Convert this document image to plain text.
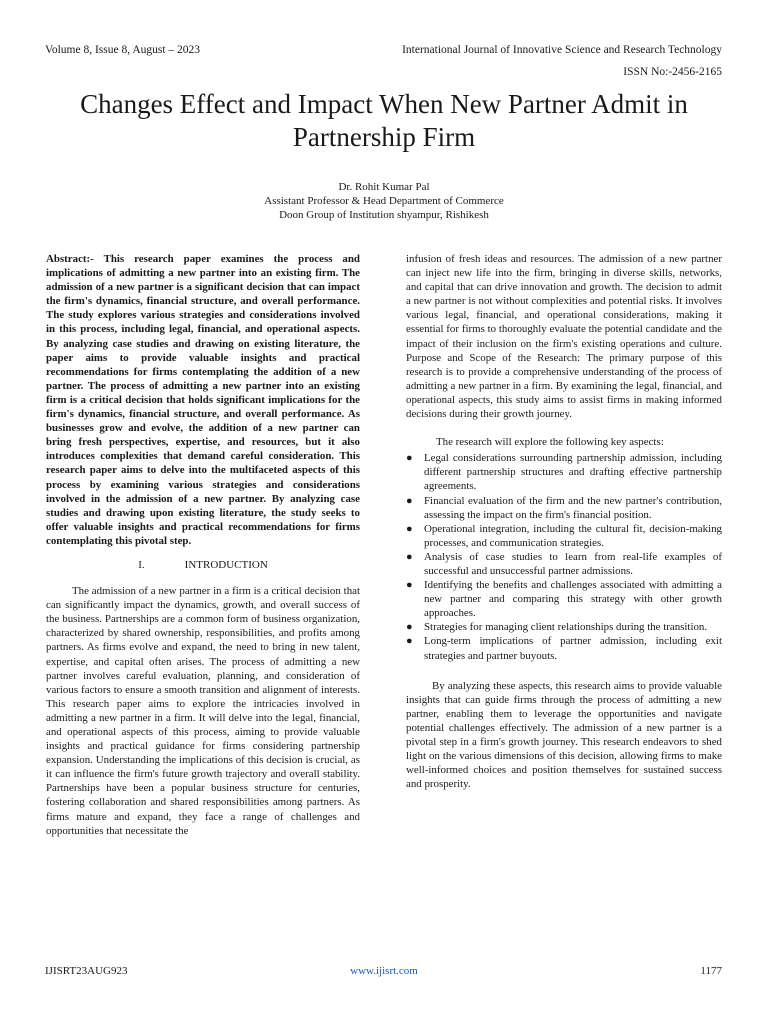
Volume 8, Issue 8, August – 2023	International Journal of Innovative Science and Research Technology
ISSN No:-2456-2165
Changes Effect and Impact When New Partner Admit in Partnership Firm
Dr. Rohit Kumar Pal
Assistant Professor & Head Department of Commerce
Doon Group of Institution shyampur, Rishikesh

Abstract:- This research paper examines the process and implications of admitting a new partner into an existing firm. The admission of a new partner is a significant decision that can impact the firm's dynamics, financial structure, and overall performance. The study explores various strategies and considerations involved in this process, including legal, financial, and operational aspects. By analyzing case studies and drawing on existing literature, the paper aims to provide valuable insights and practical recommendations for firms contemplating the addition of a new partner. The process of admitting a new partner into an existing firm is a critical decision that holds significant implications for the firm's dynamics, financial structure, and overall performance. As businesses grow and evolve, the addition of a new partner can bring fresh perspectives, expertise, and resources, but it also introduces complexities that demand careful consideration. This research paper aims to delve into the multifaceted aspects of this process by examining various strategies and considerations involved in the admission of a new partner. By analyzing case studies and drawing upon existing literature, the study seeks to offer valuable insights and practical recommendations for firms contemplating this pivotal step.

I.	INTRODUCTION

The admission of a new partner in a firm is a critical decision that can significantly impact the dynamics, growth, and overall success of the business. Partnerships are a common form of business organization, characterized by shared ownership, responsibilities, and profits among partners. As firms evolve and expand, the need to bring in new talent, expertise, and capital often arises. The process of admitting a new partner involves careful evaluation, planning, and consideration of various factors to ensure a smooth transition and alignment of interests. This research paper aims to explore the intricacies involved in admitting a new partner in a firm. It will delve into the legal, financial, and operational aspects of this process, aiming to provide valuable insights and practical guidance for firms considering partnership expansion. Understanding the implications of this decision is crucial, as it can influence the firm's future growth trajectory and overall stability. Partnerships have been a popular business structure for centuries, fostering collaboration and shared responsibilities among partners. As firms mature and expand, they face a range of challenges and opportunities that necessitate the

infusion of fresh ideas and resources. The admission of a new partner can inject new life into the firm, bringing in diverse skills, networks, and capital that can drive innovation and growth. The decision to admit a new partner is not without complexities and potential risks. It involves various legal, financial, and operational considerations, making it essential for firms to thoroughly evaluate the potential candidate and the impact of their inclusion on the firm's existing operations and culture. Purpose and Scope of the Research: The primary purpose of this research is to provide a comprehensive understanding of the process of admitting a new partner in a firm. By examining the legal, financial, and operational aspects, this study aims to assist firms in making informed decisions during their growth journey.

The research will explore the following key aspects:

● Legal considerations surrounding partnership admission, including different partnership structures and drafting effective partnership agreements.
● Financial evaluation of the firm and the new partner's contribution, assessing the impact on the firm's financial position.
● Operational integration, including the cultural fit, decision-making processes, and communication strategies.
● Analysis of case studies to learn from real-life examples of successful and unsuccessful partner admissions.
● Identifying the benefits and challenges associated with admitting a new partner and comparing this strategy with other growth approaches.
● Strategies for managing client relationships during the transition.
● Long-term implications of partner admission, including exit strategies and partner buyouts.

By analyzing these aspects, this research aims to provide valuable insights that can guide firms through the process of admitting a new partner, enabling them to leverage the opportunities and navigate potential challenges effectively. The admission of a new partner is a pivotal step in a firm's growth journey. This research endeavors to shed light on the various dimensions of this decision, allowing firms to make well-informed choices and position themselves for sustained success and prosperity.

IJISRT23AUG923	www.ijisrt.com	1177
